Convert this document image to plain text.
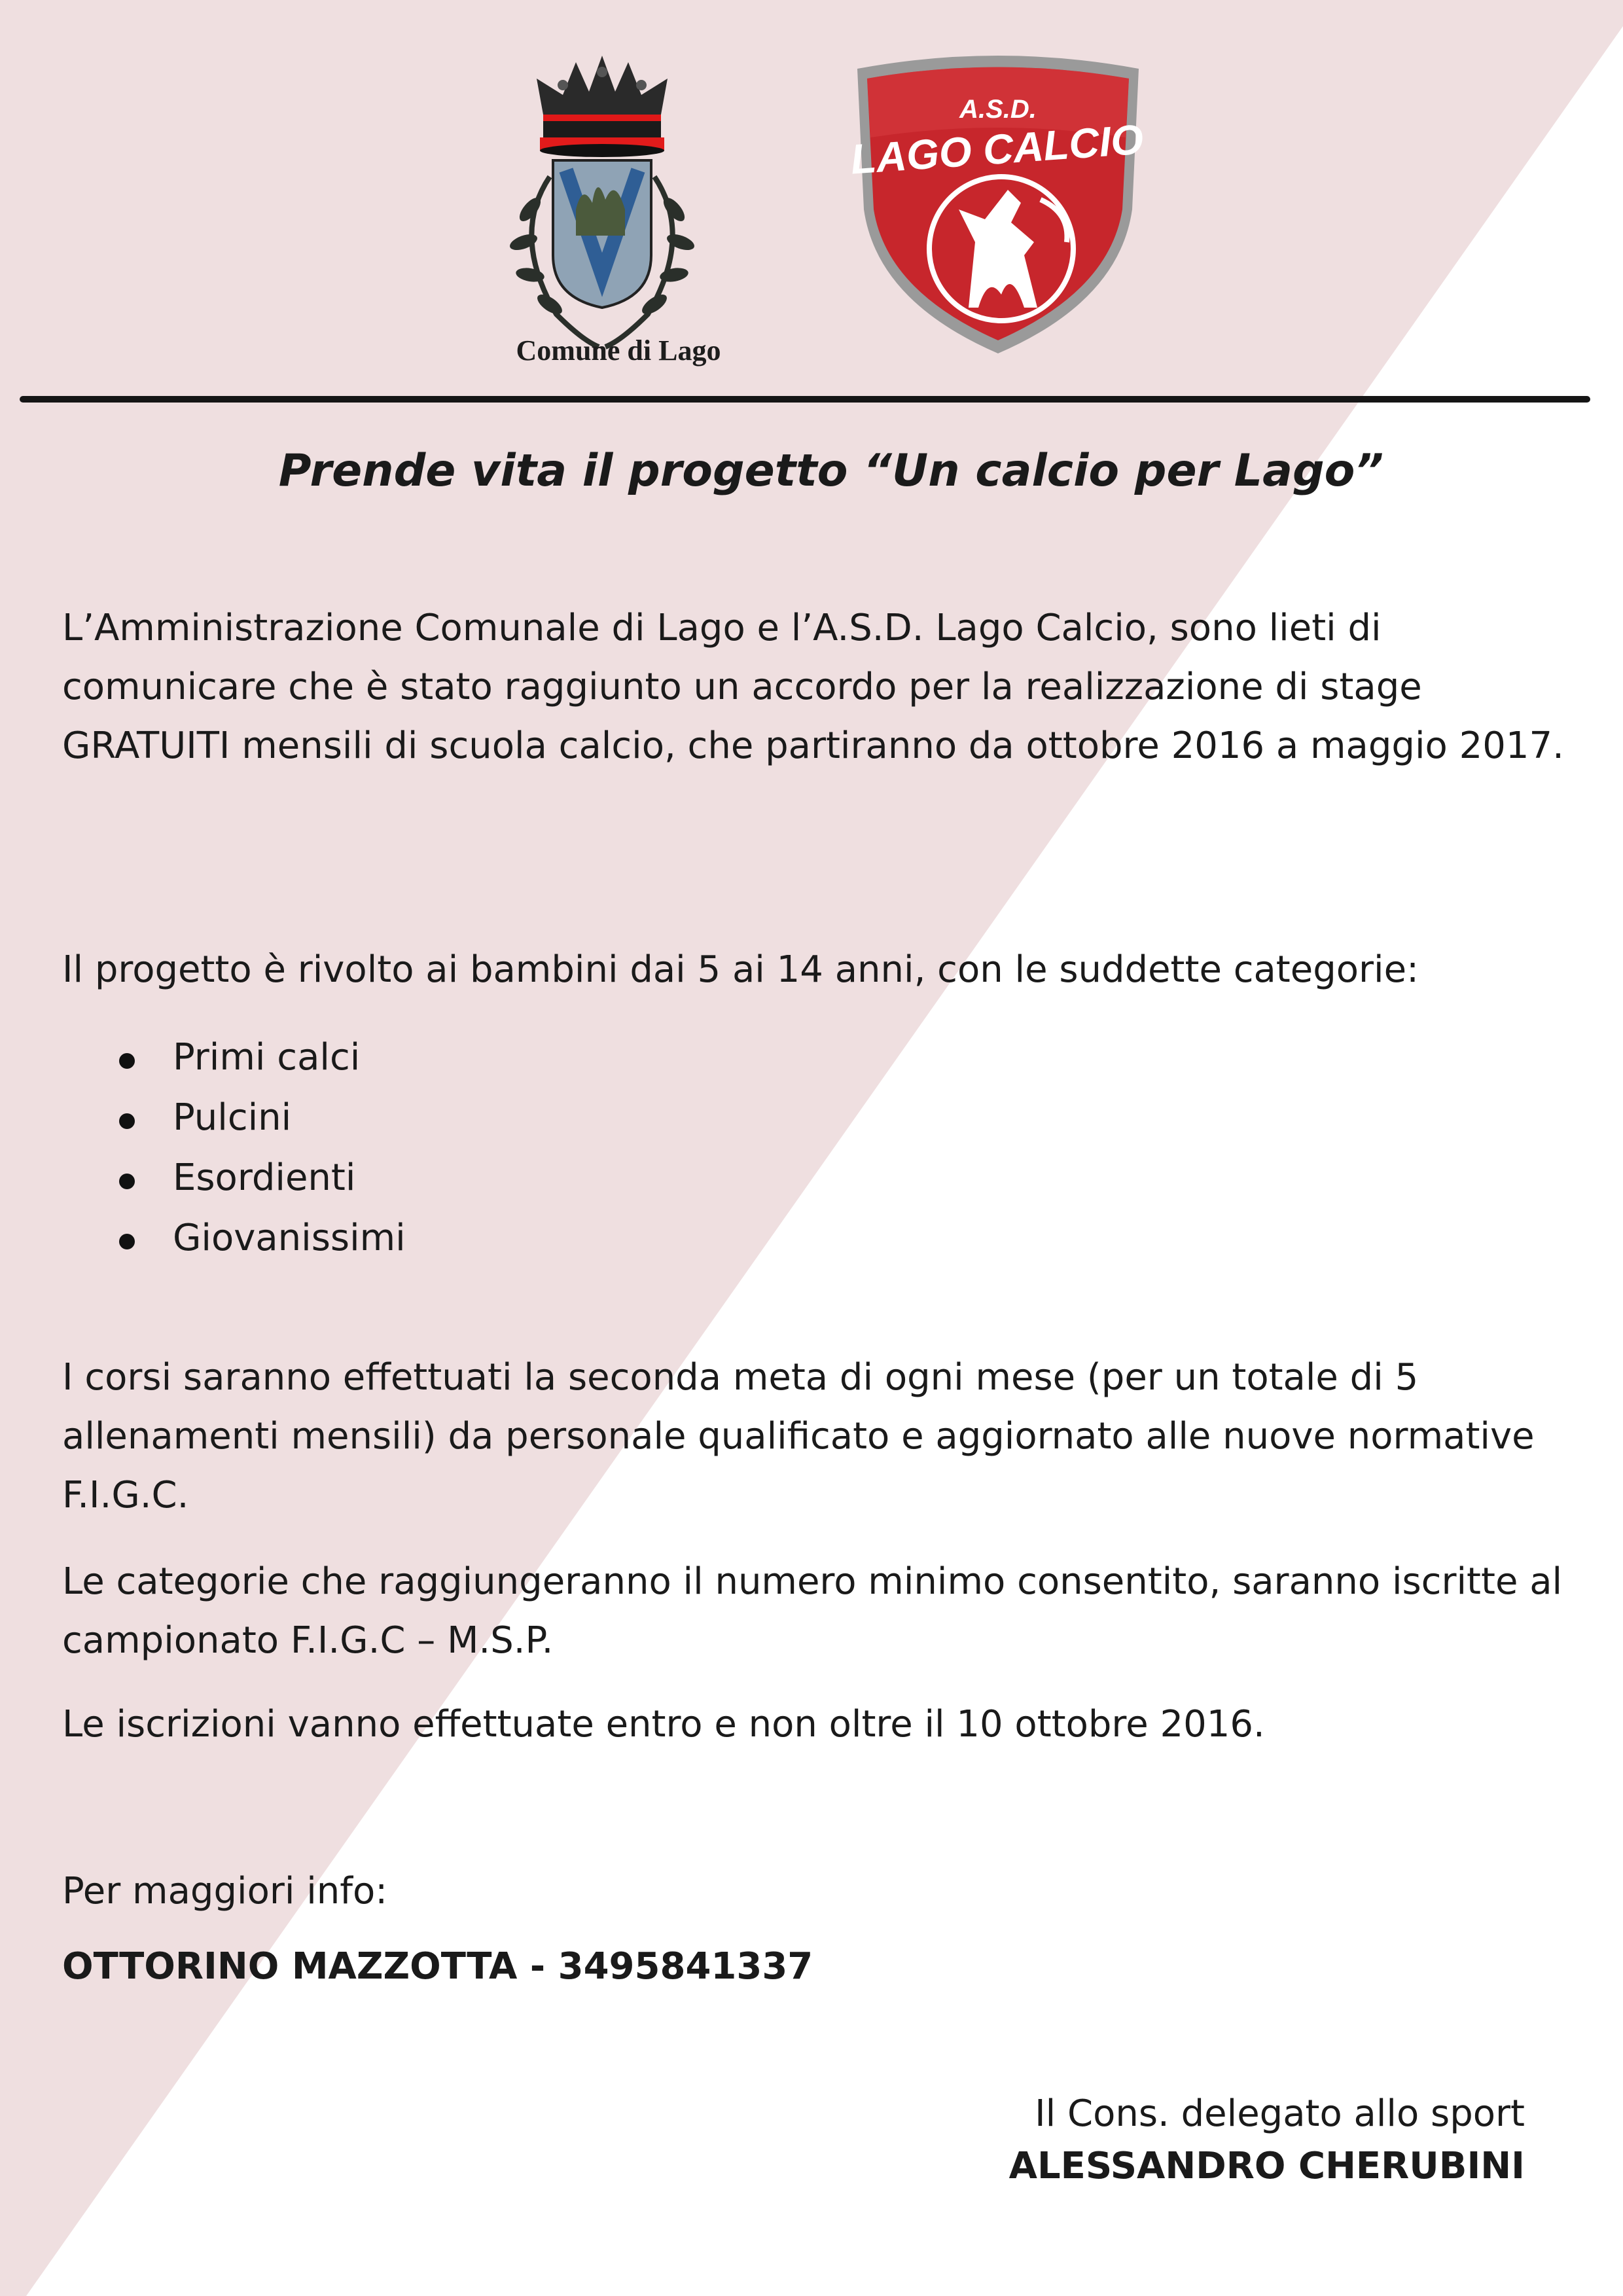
Comune di Lago
A.S.D.
LAGO CALCIO
Prende vita il progetto “Un calcio per Lago”

L’Amministrazione Comunale di Lago e l’A.S.D. Lago Calcio, sono lieti di comunicare che è stato raggiunto un accordo per la realizzazione di stage GRATUITI mensili di scuola calcio, che partiranno da ottobre 2016 a maggio 2017.

Il progetto è rivolto ai bambini dai 5 ai 14 anni, con le suddette categorie:

Primi calci
Pulcini
Esordienti
Giovanissimi

I corsi saranno effettuati la seconda meta di ogni mese (per un totale di 5 allenamenti mensili) da personale qualificato e aggiornato alle nuove normative F.I.G.C.

Le categorie che raggiungeranno il numero minimo consentito, saranno iscritte al campionato F.I.G.C – M.S.P.

Le iscrizioni vanno effettuate entro e non oltre il 10 ottobre 2016.

Per maggiori info:

OTTORINO MAZZOTTA - 3495841337

Il Cons. delegato allo sport
ALESSANDRO CHERUBINI
